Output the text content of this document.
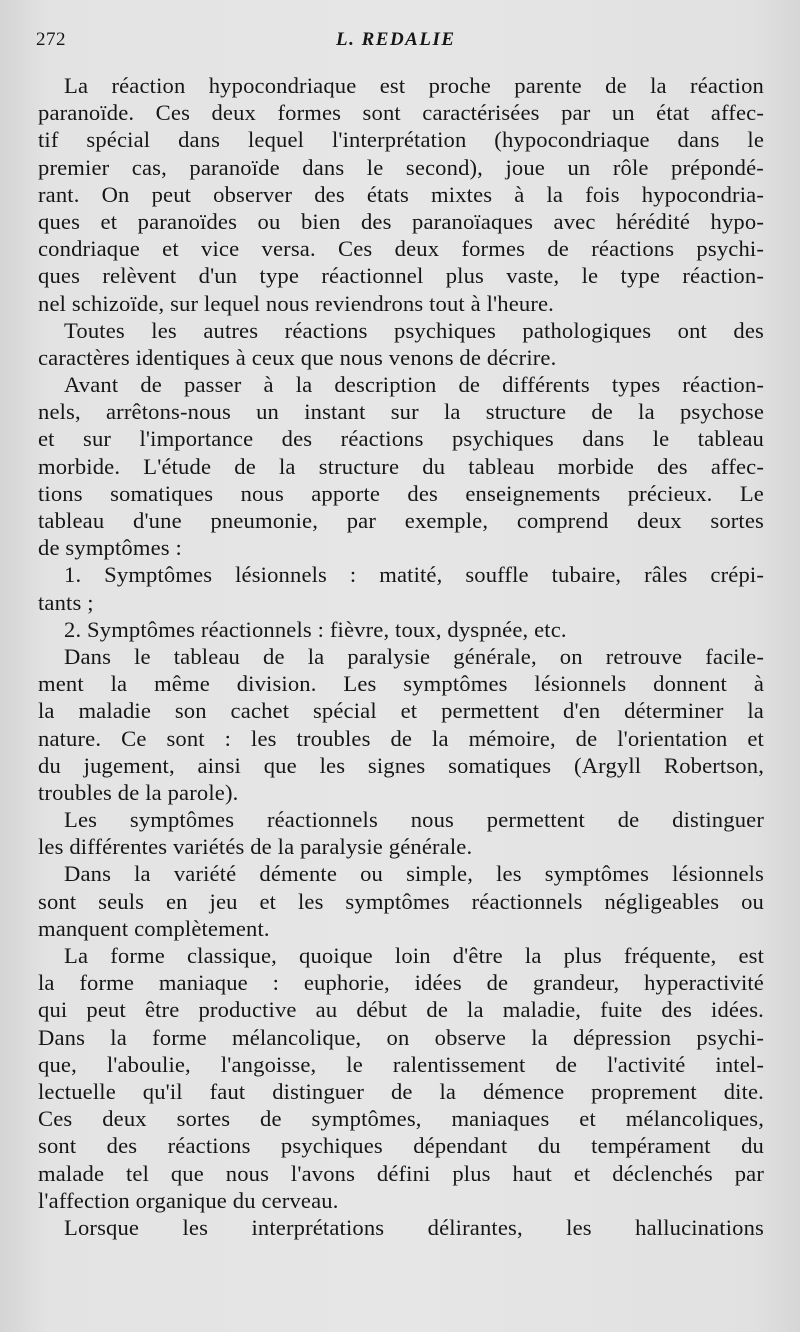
272	L. REDALIE
La réaction hypocondriaque est proche parente de la réaction
paranoïde. Ces deux formes sont caractérisées par un état affec-
tif spécial dans lequel l'interprétation (hypocondriaque dans le
premier cas, paranoïde dans le second), joue un rôle prépondé-
rant. On peut observer des états mixtes à la fois hypocondria-
ques et paranoïdes ou bien des paranoïaques avec hérédité hypo-
condriaque et vice versa. Ces deux formes de réactions psychi-
ques relèvent d'un type réactionnel plus vaste, le type réaction-
nel schizoïde, sur lequel nous reviendrons tout à l'heure.
Toutes les autres réactions psychiques pathologiques ont des
caractères identiques à ceux que nous venons de décrire.
Avant de passer à la description de différents types réaction-
nels, arrêtons-nous un instant sur la structure de la psychose
et sur l'importance des réactions psychiques dans le tableau
morbide. L'étude de la structure du tableau morbide des affec-
tions somatiques nous apporte des enseignements précieux. Le
tableau d'une pneumonie, par exemple, comprend deux sortes
de symptômes :
1. Symptômes lésionnels : matité, souffle tubaire, râles crépi-
tants ;
2. Symptômes réactionnels : fièvre, toux, dyspnée, etc.
Dans le tableau de la paralysie générale, on retrouve facile-
ment la même division. Les symptômes lésionnels donnent à
la maladie son cachet spécial et permettent d'en déterminer la
nature. Ce sont : les troubles de la mémoire, de l'orientation et
du jugement, ainsi que les signes somatiques (Argyll Robertson,
troubles de la parole).
Les symptômes réactionnels nous permettent de distinguer
les différentes variétés de la paralysie générale.
Dans la variété démente ou simple, les symptômes lésionnels
sont seuls en jeu et les symptômes réactionnels négligeables ou
manquent complètement.
La forme classique, quoique loin d'être la plus fréquente, est
la forme maniaque : euphorie, idées de grandeur, hyperactivité
qui peut être productive au début de la maladie, fuite des idées.
Dans la forme mélancolique, on observe la dépression psychi-
que, l'aboulie, l'angoisse, le ralentissement de l'activité intel-
lectuelle qu'il faut distinguer de la démence proprement dite.
Ces deux sortes de symptômes, maniaques et mélancoliques,
sont des réactions psychiques dépendant du tempérament du
malade tel que nous l'avons défini plus haut et déclenchés par
l'affection organique du cerveau.
Lorsque les interprétations délirantes, les hallucinations
